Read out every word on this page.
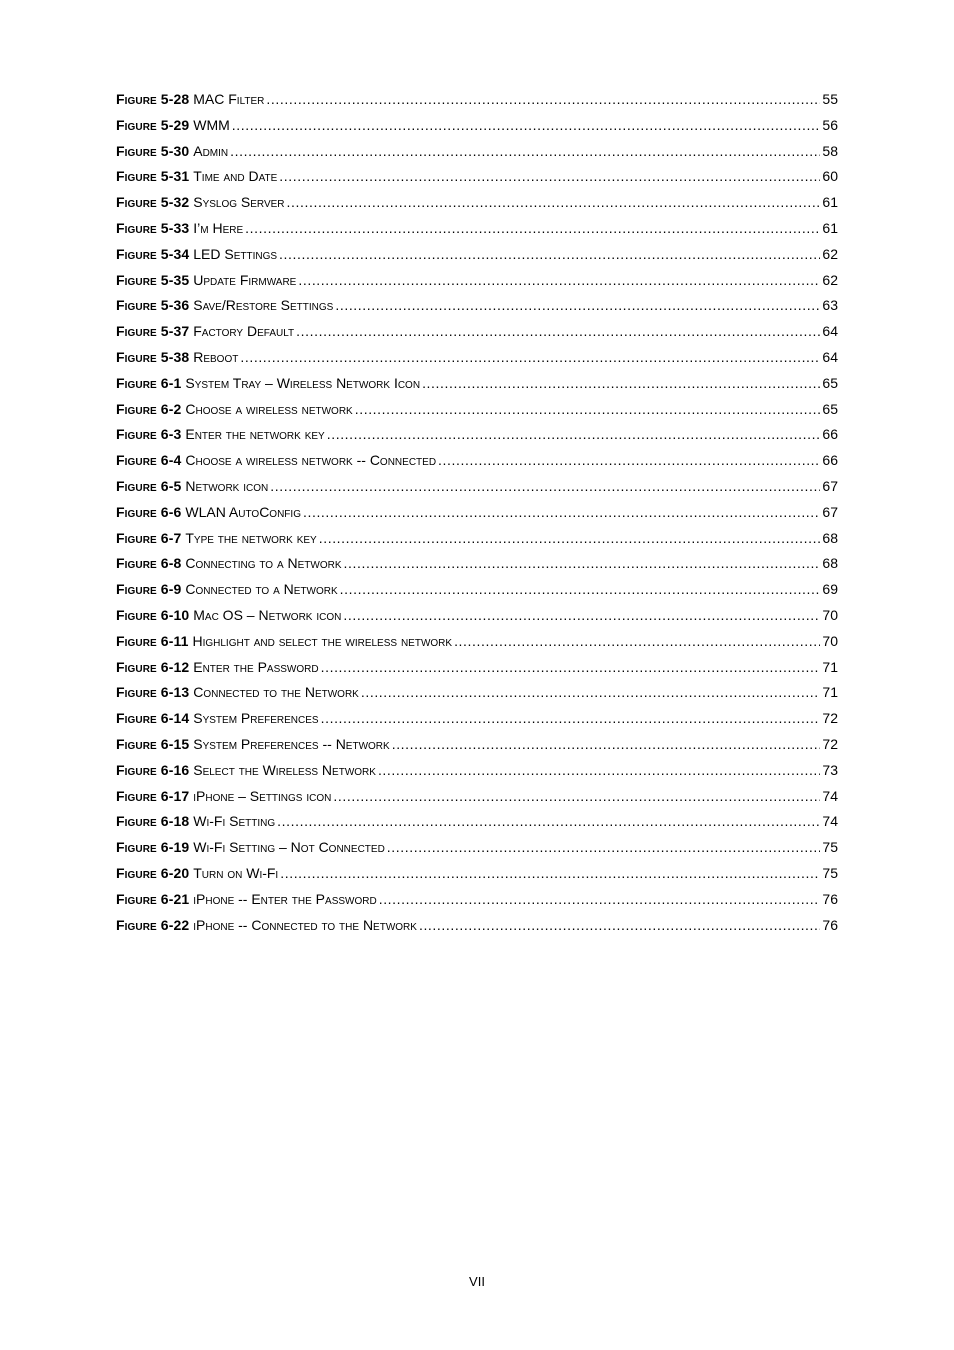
Figure 5-28 MAC Filter .....	55
Figure 5-29 WMM .....	56
Figure 5-30 Admin .....	58
Figure 5-31 Time and Date .....	60
Figure 5-32 Syslog Server .....	61
Figure 5-33 I’m Here .....	61
Figure 5-34 LED Settings .....	62
Figure 5-35 Update Firmware .....	62
Figure 5-36 Save/Restore Settings .....	63
Figure 5-37 Factory Default .....	64
Figure 5-38 Reboot .....	64
Figure 6-1 System Tray – Wireless Network Icon .....	65
Figure 6-2 Choose a wireless network .....	65
Figure 6-3 Enter the network key .....	66
Figure 6-4 Choose a wireless network -- Connected .....	66
Figure 6-5 Network icon .....	67
Figure 6-6 WLAN AutoConfig .....	67
Figure 6-7 Type the network key .....	68
Figure 6-8 Connecting to a Network .....	68
Figure 6-9 Connected to a Network .....	69
Figure 6-10 Mac OS – Network icon .....	70
Figure 6-11 Highlight and select the wireless network .....	70
Figure 6-12 Enter the Password .....	71
Figure 6-13 Connected to the Network .....	71
Figure 6-14 System Preferences .....	72
Figure 6-15 System Preferences -- Network .....	72
Figure 6-16 Select the Wireless Network .....	73
Figure 6-17 iPhone – Settings icon .....	74
Figure 6-18 Wi-Fi Setting .....	74
Figure 6-19 Wi-Fi Setting – Not Connected .....	75
Figure 6-20 Turn on Wi-Fi .....	75
Figure 6-21 iPhone -- Enter the Password .....	76
Figure 6-22 iPhone -- Connected to the Network .....	76
VII
